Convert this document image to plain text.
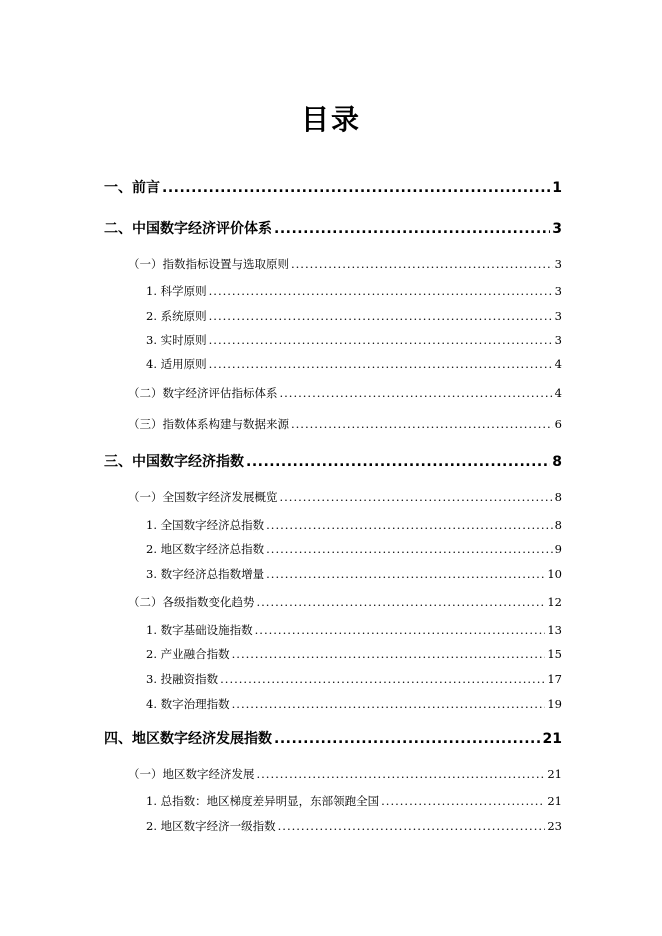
目录
一、前言 .....	1
二、中国数字经济评价体系 .....	3
（一）指数指标设置与选取原则 .....	3
1. 科学原则 .....	3
2. 系统原则 .....	3
3. 实时原则 .....	3
4. 适用原则 .....	4
（二）数字经济评估指标体系 .....	4
（三）指数体系构建与数据来源 .....	6
三、中国数字经济指数 .....	8
（一）全国数字经济发展概览 .....	8
1. 全国数字经济总指数 .....	8
2. 地区数字经济总指数 .....	9
3. 数字经济总指数增量 .....	10
（二）各级指数变化趋势 .....	12
1. 数字基础设施指数 .....	13
2. 产业融合指数 .....	15
3. 投融资指数 .....	17
4. 数字治理指数 .....	19
四、地区数字经济发展指数 .....	21
（一）地区数字经济发展 .....	21
1. 总指数：地区梯度差异明显，东部领跑全国 .....	21
2. 地区数字经济一级指数 .....	23
